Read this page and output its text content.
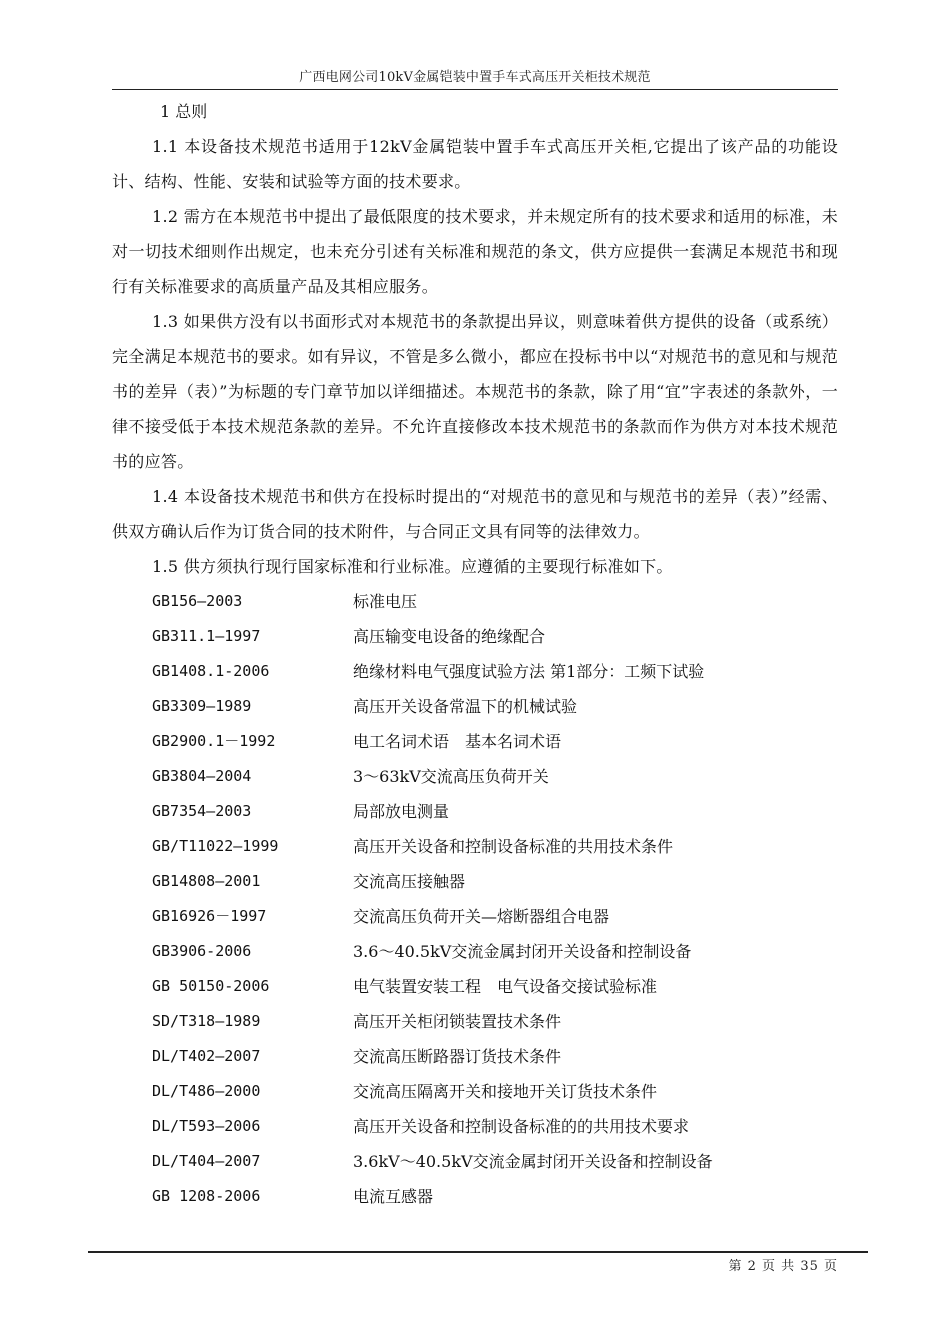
广西电网公司10kV金属铠装中置手车式高压开关柜技术规范
1 总则

1.1 本设备技术规范书适用于12kV金属铠装中置手车式高压开关柜,它提出了该产品的功能设计、结构、性能、安装和试验等方面的技术要求。

1.2 需方在本规范书中提出了最低限度的技术要求，并未规定所有的技术要求和适用的标准，未对一切技术细则作出规定，也未充分引述有关标准和规范的条文，供方应提供一套满足本规范书和现行有关标准要求的高质量产品及其相应服务。

1.3 如果供方没有以书面形式对本规范书的条款提出异议，则意味着供方提供的设备（或系统）完全满足本规范书的要求。如有异议，不管是多么微小，都应在投标书中以“对规范书的意见和与规范书的差异（表）”为标题的专门章节加以详细描述。本规范书的条款，除了用“宜”字表述的条款外，一律不接受低于本技术规范条款的差异。不允许直接修改本技术规范书的条款而作为供方对本技术规范书的应答。

1.4 本设备技术规范书和供方在投标时提出的“对规范书的意见和与规范书的差异（表）”经需、供双方确认后作为订货合同的技术附件，与合同正文具有同等的法律效力。

1.5 供方须执行现行国家标准和行业标准。应遵循的主要现行标准如下。

GB156—2003	标准电压
GB311.1—1997	高压输变电设备的绝缘配合
GB1408.1-2006	绝缘材料电气强度试验方法 第1部分：工频下试验
GB3309—1989	高压开关设备常温下的机械试验
GB2900.1－1992	电工名词术语　基本名词术语
GB3804—2004	3～63kV交流高压负荷开关
GB7354—2003	局部放电测量
GB/T11022—1999	高压开关设备和控制设备标准的共用技术条件
GB14808—2001	交流高压接触器
GB16926－1997	交流高压负荷开关—熔断器组合电器
GB3906-2006	3.6～40.5kV交流金属封闭开关设备和控制设备
GB 50150-2006	电气装置安装工程　电气设备交接试验标准
SD/T318—1989	高压开关柜闭锁装置技术条件
DL/T402—2007	交流高压断路器订货技术条件
DL/T486—2000	交流高压隔离开关和接地开关订货技术条件
DL/T593—2006	高压开关设备和控制设备标准的的共用技术要求
DL/T404—2007	3.6kV～40.5kV交流金属封闭开关设备和控制设备
GB 1208-2006	电流互感器
第 2 页 共 35 页
